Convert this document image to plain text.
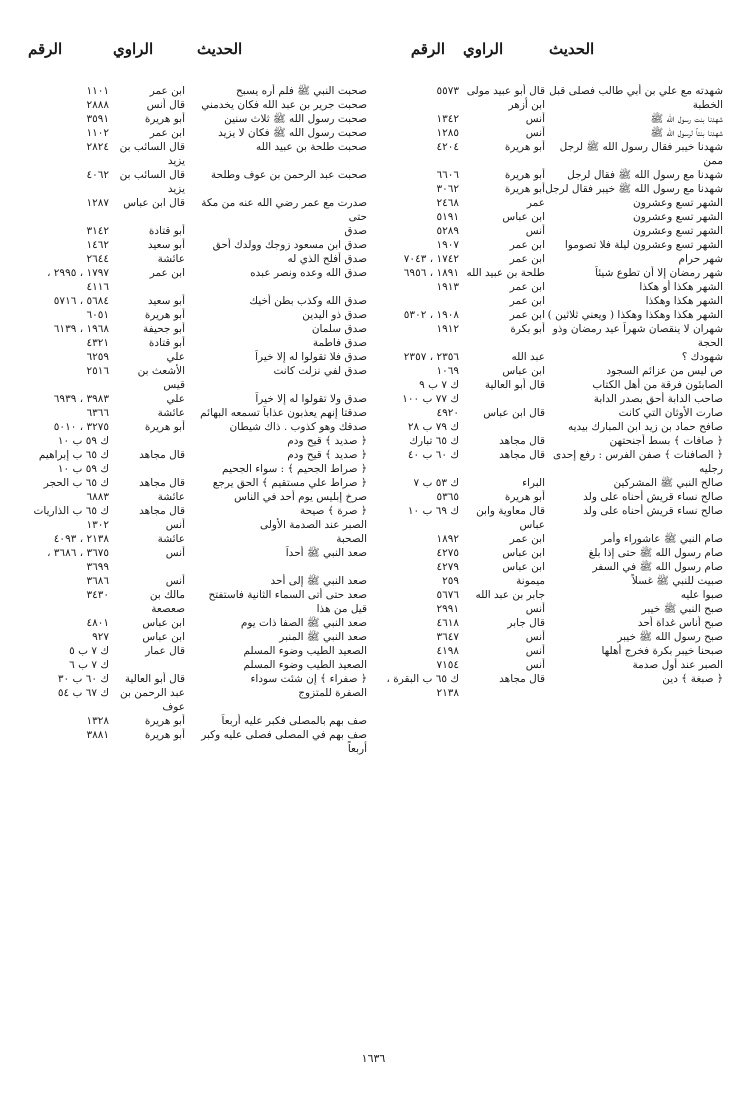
الحديث
الراوي
الرقم
شهدته مع علي بن أبي طالب فصلى قبل الخطبة
قال أبو عبيد مولى ابن أزهر
٥٥٧٣
شهدنا بنت رسول الله ﷺ
أنس
١٣٤٢
شهدنا بنتاً لرسول الله ﷺ
أنس
١٢٨٥
شهدنا خيبر فقال رسول الله ﷺ لرجل ممن
أبو هريرة
٤٢٠٤
شهدنا مع رسول الله ﷺ فقال لرجل
أبو هريرة
٦٦٠٦
شهدنا مع رسول الله ﷺ خيبر فقال لرجل
أبو هريرة
٣٠٦٢
الشهر تسع وعشرون
عمر
٢٤٦٨
الشهر تسع وعشرون
ابن عباس
٥١٩١
الشهر تسع وعشرون
أنس
٥٢٨٩
الشهر تسع وعشرون ليلة فلا تصوموا
ابن عمر
١٩٠٧
شهر حرام
ابن عمر
١٧٤٢ ، ٧٠٤٣
شهر رمضان إلا أن تطوع شيئاً
طلحة بن عبيد الله
١٨٩١ ، ٦٩٥٦
الشهر هكذا أو هكذا
ابن عمر
١٩١٣
الشهر هكذا وهكذا
ابن عمر
الشهر هكذا وهكذا وهكذا ( ويعني ثلاثين )
ابن عمر
١٩٠٨ ، ٥٣٠٢
شهران لا ينقصان شهراً عيد رمضان وذو الحجة
أبو بكرة
١٩١٢
شهودك ؟
عبد الله
٢٣٥٦ ، ٢٣٥٧
ص ليس من عزائم السجود
ابن عباس
١٠٦٩
الصابئون فرقة من أهل الكتاب
قال أبو العالية
ك ٧ ب ٩
صاحب الدابة أحق بصدر الدابة
ك ٧٧ ب ١٠٠
صارت الأوثان التي كانت
قال ابن عباس
٤٩٢٠
صافح حماد بن زيد ابن المبارك بيديه
ك ٧٩ ب ٢٨
﴿ صافات ﴾ بسط أجنحتهن
قال مجاهد
ك ٦٥ تبارك
﴿ الصافنات ﴾ صفن الفرس : رفع إحدى رجليه
قال مجاهد
ك ٦٠ ب ٤٠
صالح النبي ﷺ المشركين
البراء
ك ٥٣ ب ٧
صالح نساء قريش أحناه على ولد
أبو هريرة
٥٣٦٥
صالح نساء قريش أحناه على ولد
قال معاوية وابن عباس
ك ٦٩ ب ١٠
صام النبي ﷺ عاشوراء وأمر
ابن عمر
١٨٩٢
صام رسول الله ﷺ حتى إذا بلغ
ابن عباس
٤٢٧٥
صام رسول الله ﷺ في السفر
ابن عباس
٤٢٧٩
صبيت للنبي ﷺ غسلاً
ميمونة
٢٥٩
صبوا عليه
جابر بن عبد الله
٥٦٧٦
صبح النبي ﷺ خيبر
أنس
٢٩٩١
صبح أناس غداة أحد
قال جابر
٤٦١٨
صبح رسول الله ﷺ خيبر
أنس
٣٦٤٧
صبحنا خيبر بكرة فخرج أهلها
أنس
٤١٩٨
الصبر عند أول صدمة
أنس
٧١٥٤
﴿ صبغة ﴾ دين
قال مجاهد
ك ٦٥ ب البقرة ، ٢١٣٨
الحديث
الراوي
الرقم
صحبت النبي ﷺ فلم أره يسبح
ابن عمر
١١٠١
صحبت جرير بن عبد الله فكان يخدمني
قال أنس
٢٨٨٨
صحبت رسول الله ﷺ ثلاث سنين
أبو هريرة
٣٥٩١
صحبت رسول الله ﷺ فكان لا يزيد
ابن عمر
١١٠٢
صحبت طلحة بن عبيد الله
قال السائب بن يزيد
٢٨٢٤
صحبت عبد الرحمن بن عوف وطلحة
قال السائب بن يزيد
٤٠٦٢
صدرت مع عمر رضي الله عنه من مكة حتى
قال ابن عباس
١٢٨٧
صدق
أبو قتادة
٣١٤٢
صدق ابن مسعود زوجك وولدك أحق
أبو سعيد
١٤٦٢
صدق أفلح الذي له
عائشة
٢٦٤٤
صدق الله وعده ونصر عبده
ابن عمر
١٧٩٧ ، ٢٩٩٥ ،
٤١١٦
صدق الله وكذب بطن أخيك
أبو سعيد
٥٦٨٤ ، ٥٧١٦
صدق ذو اليدين
أبو هريرة
٦٠٥١
صدق سلمان
أبو جحيفة
١٩٦٨ ، ٦١٣٩
صدق فاطمة
أبو قتادة
٤٣٢١
صدق فلا تقولوا له إلا خيراً
علي
٦٢٥٩
صدق لفي نزلت كانت
الأشعث بن قيس
٢٥١٦
صدق ولا تقولوا له إلا خيراً
علي
٣٩٨٣ ، ٦٩٣٩
صدقتا إنهم يعذبون عذاباً تسمعه البهائم
عائشة
٦٣٦٦
صدقك وهو كذوب . ذاك شيطان
أبو هريرة
٣٢٧٥ ، ٥٠١٠
﴿ صديد ﴾ قيح ودم
ك ٥٩ ب ١٠
﴿ صديد ﴾ قيح ودم
قال مجاهد
ك ٦٥ ب إبراهيم
﴿ صراط الجحيم ﴾ : سواء الجحيم
ك ٥٩ ب ١٠
﴿ صراط علي مستقيم ﴾ الحق يرجع
قال مجاهد
ك ٦٥ ب الحجر
صرخ إبليس يوم أحد في الناس
عائشة
٦٨٨٣
﴿ صرة ﴾ صيحة
قال مجاهد
ك ٦٥ ب الذاريات
الصبر عند الصدمة الأولى
أنس
١٣٠٢
الصحبة
عائشة
٢١٣٨ ، ٤٠٩٣
صعد النبي ﷺ أحداً
أنس
٣٦٧٥ ، ٣٦٨٦ ،
٣٦٩٩
صعد النبي ﷺ إلى أحد
أنس
٣٦٨٦
صعد حتى أتى السماء الثانية فاستفتح قيل من هذا
مالك بن صعصعة
٣٤٣٠
صعد النبي ﷺ الصفا ذات يوم
ابن عباس
٤٨٠١
صعد النبي ﷺ المنبر
ابن عباس
٩٢٧
الصعيد الطيب وضوء المسلم
قال عمار
ك ٧ ب ٥
الصعيد الطيب وضوء المسلم
ك ٧ ب ٦
﴿ صفراء ﴾ إن شئت سوداء
قال أبو العالية
ك ٦٠ ب ٣٠
الصفرة للمتزوج
عبد الرحمن بن عوف
ك ٦٧ ب ٥٤
صف بهم بالمصلى فكبر عليه أربعاً
أبو هريرة
١٣٢٨
صف بهم في المصلى فصلى عليه وكبر أربعاً
أبو هريرة
٣٨٨١
١٦٣٦
